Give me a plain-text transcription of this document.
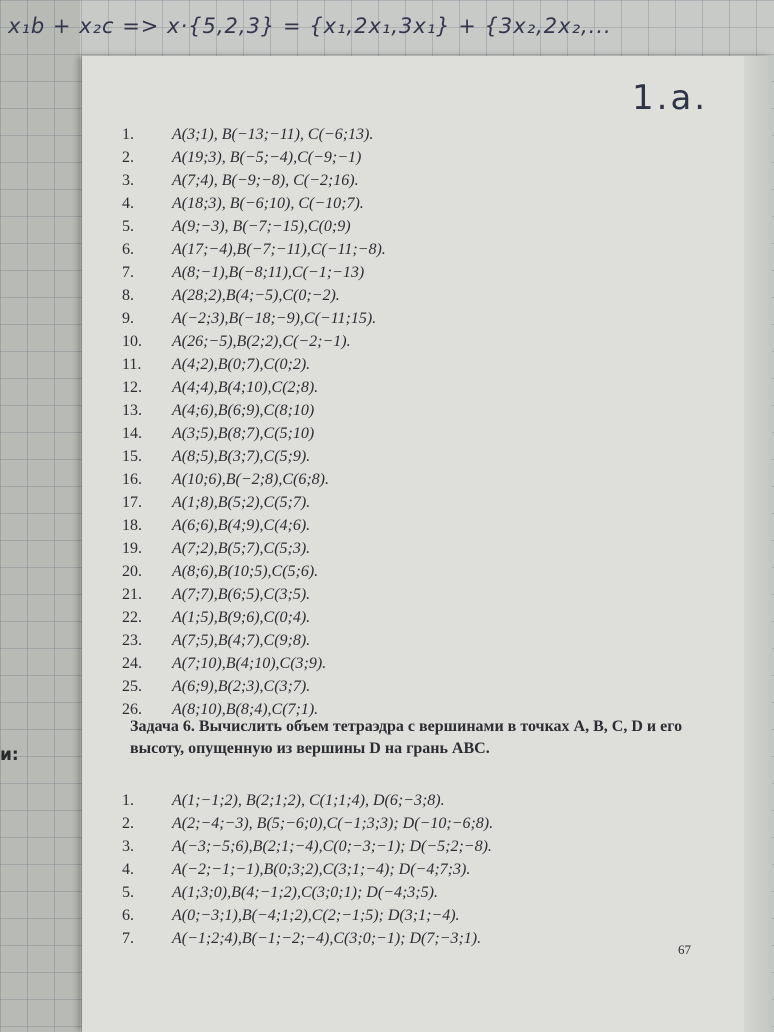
x₁b + x₂c => x·{5,2,3} = {x₁,2x₁,3x₁} + {3x₂,2x₂,...
и:
1.a.
1.	A(3;1), B(−13;−11), C(−6;13).
2.	A(19;3), B(−5;−4),C(−9;−1)
3.	A(7;4), B(−9;−8), C(−2;16).
4.	A(18;3), B(−6;10), C(−10;7).
5.	A(9;−3), B(−7;−15),C(0;9)
6.	A(17;−4),B(−7;−11),C(−11;−8).
7.	A(8;−1),B(−8;11),C(−1;−13)
8.	A(28;2),B(4;−5),C(0;−2).
9.	A(−2;3),B(−18;−9),C(−11;15).
10.	A(26;−5),B(2;2),C(−2;−1).
11.	A(4;2),B(0;7),C(0;2).
12.	A(4;4),B(4;10),C(2;8).
13.	A(4;6),B(6;9),C(8;10)
14.	A(3;5),B(8;7),C(5;10)
15.	A(8;5),B(3;7),C(5;9).
16.	A(10;6),B(−2;8),C(6;8).
17.	A(1;8),B(5;2),C(5;7).
18.	A(6;6),B(4;9),C(4;6).
19.	A(7;2),B(5;7),C(5;3).
20.	A(8;6),B(10;5),C(5;6).
21.	A(7;7),B(6;5),C(3;5).
22.	A(1;5),B(9;6),C(0;4).
23.	A(7;5),B(4;7),C(9;8).
24.	A(7;10),B(4;10),C(3;9).
25.	A(6;9),B(2;3),C(3;7).
26.	A(8;10),B(8;4),C(7;1).
Задача 6. Вычислить объем тетраэдра с вершинами в точках A, B, C, D и его высоту, опущенную из вершины D на грань ABC.
1.	A(1;−1;2), B(2;1;2), C(1;1;4), D(6;−3;8).
2.	A(2;−4;−3), B(5;−6;0),C(−1;3;3); D(−10;−6;8).
3.	A(−3;−5;6),B(2;1;−4),C(0;−3;−1); D(−5;2;−8).
4.	A(−2;−1;−1),B(0;3;2),C(3;1;−4); D(−4;7;3).
5.	A(1;3;0),B(4;−1;2),C(3;0;1); D(−4;3;5).
6.	A(0;−3;1),B(−4;1;2),C(2;−1;5); D(3;1;−4).
7.	A(−1;2;4),B(−1;−2;−4),C(3;0;−1); D(7;−3;1).
67
